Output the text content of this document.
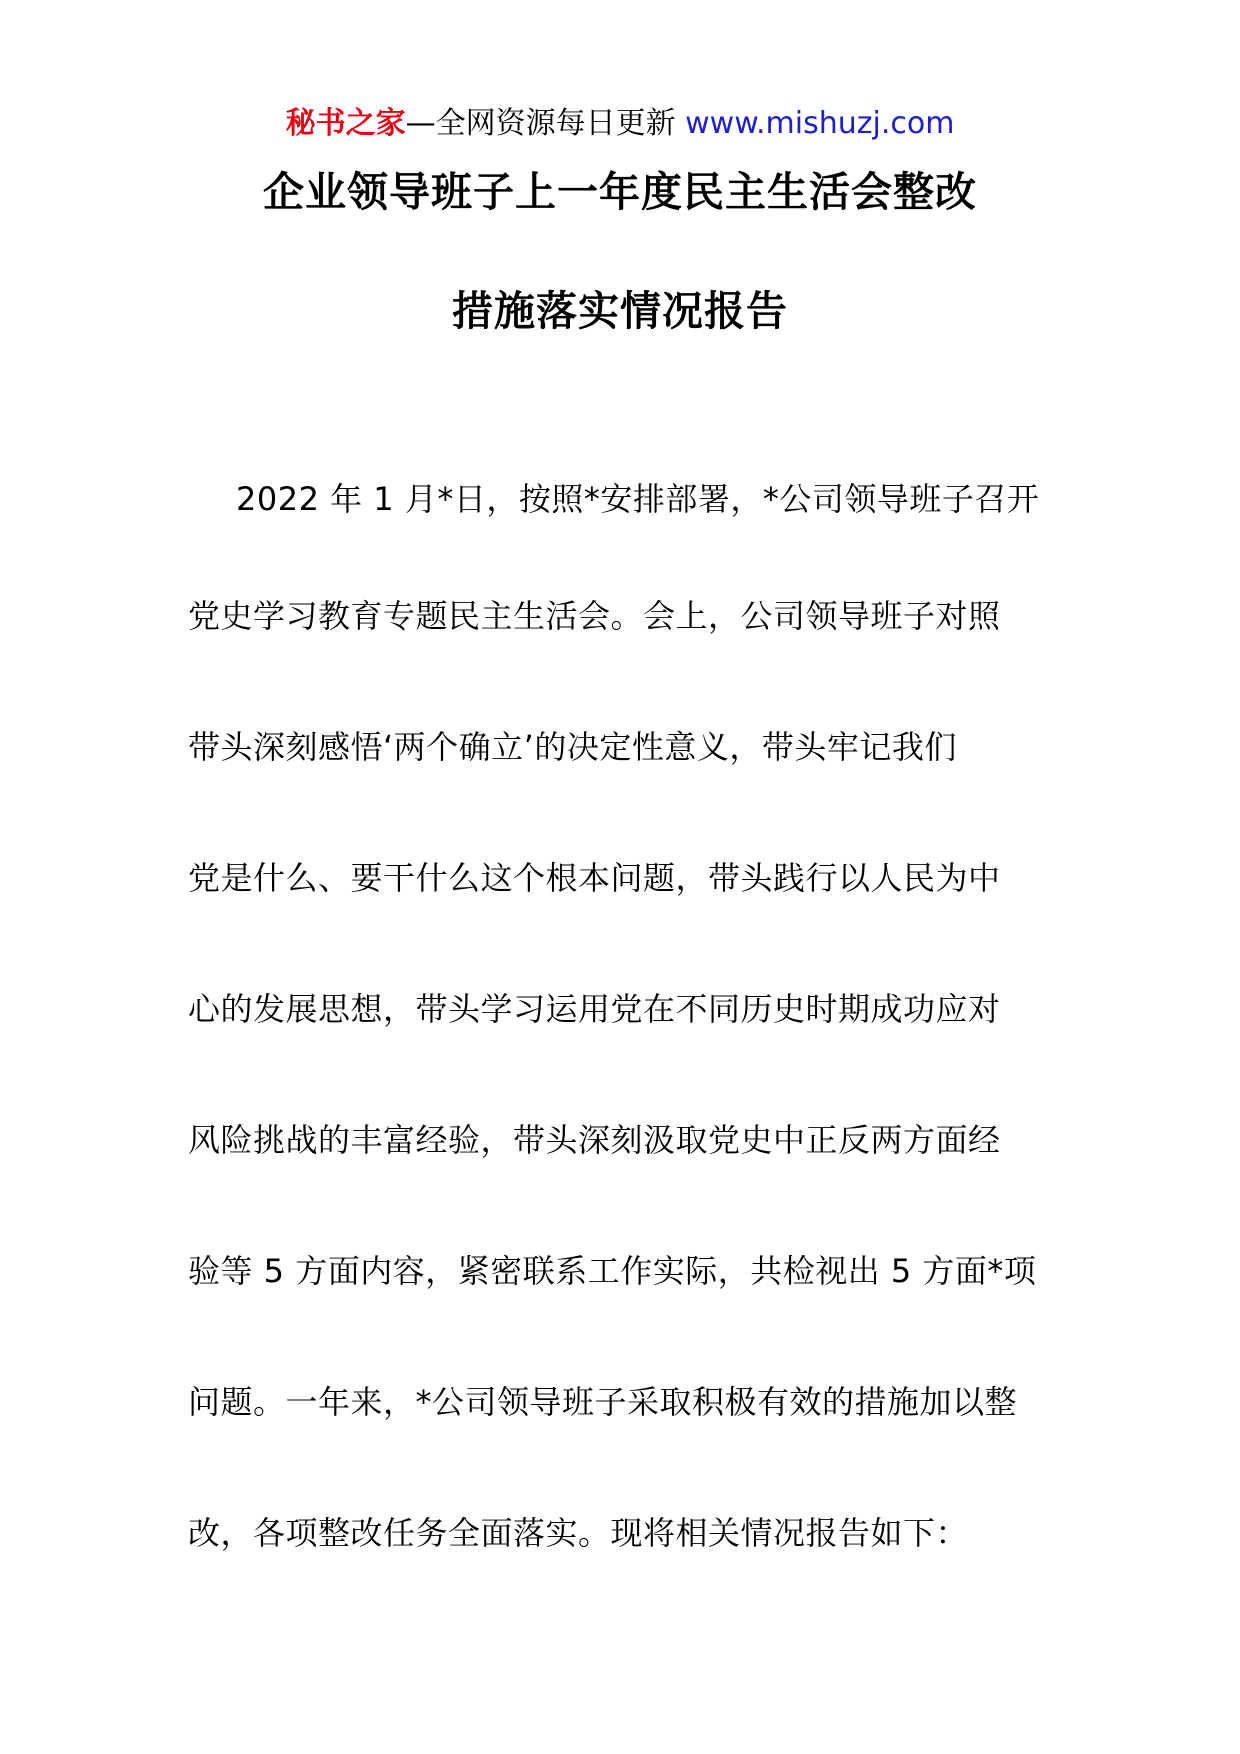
秘书之家—全网资源每日更新 www.mishuzj.com
企业领导班子上一年度民主生活会整改
措施落实情况报告
2022 年 1 月*日，按照*安排部署，*公司领导班子召开
党史学习教育专题民主生活会。会上，公司领导班子对照
带头深刻感悟‘两个确立’的决定性意义，带头牢记我们
党是什么、要干什么这个根本问题，带头践行以人民为中
心的发展思想，带头学习运用党在不同历史时期成功应对
风险挑战的丰富经验，带头深刻汲取党史中正反两方面经
验等 5 方面内容，紧密联系工作实际，共检视出 5 方面*项
问题。一年来，*公司领导班子采取积极有效的措施加以整
改，各项整改任务全面落实。现将相关情况报告如下：
